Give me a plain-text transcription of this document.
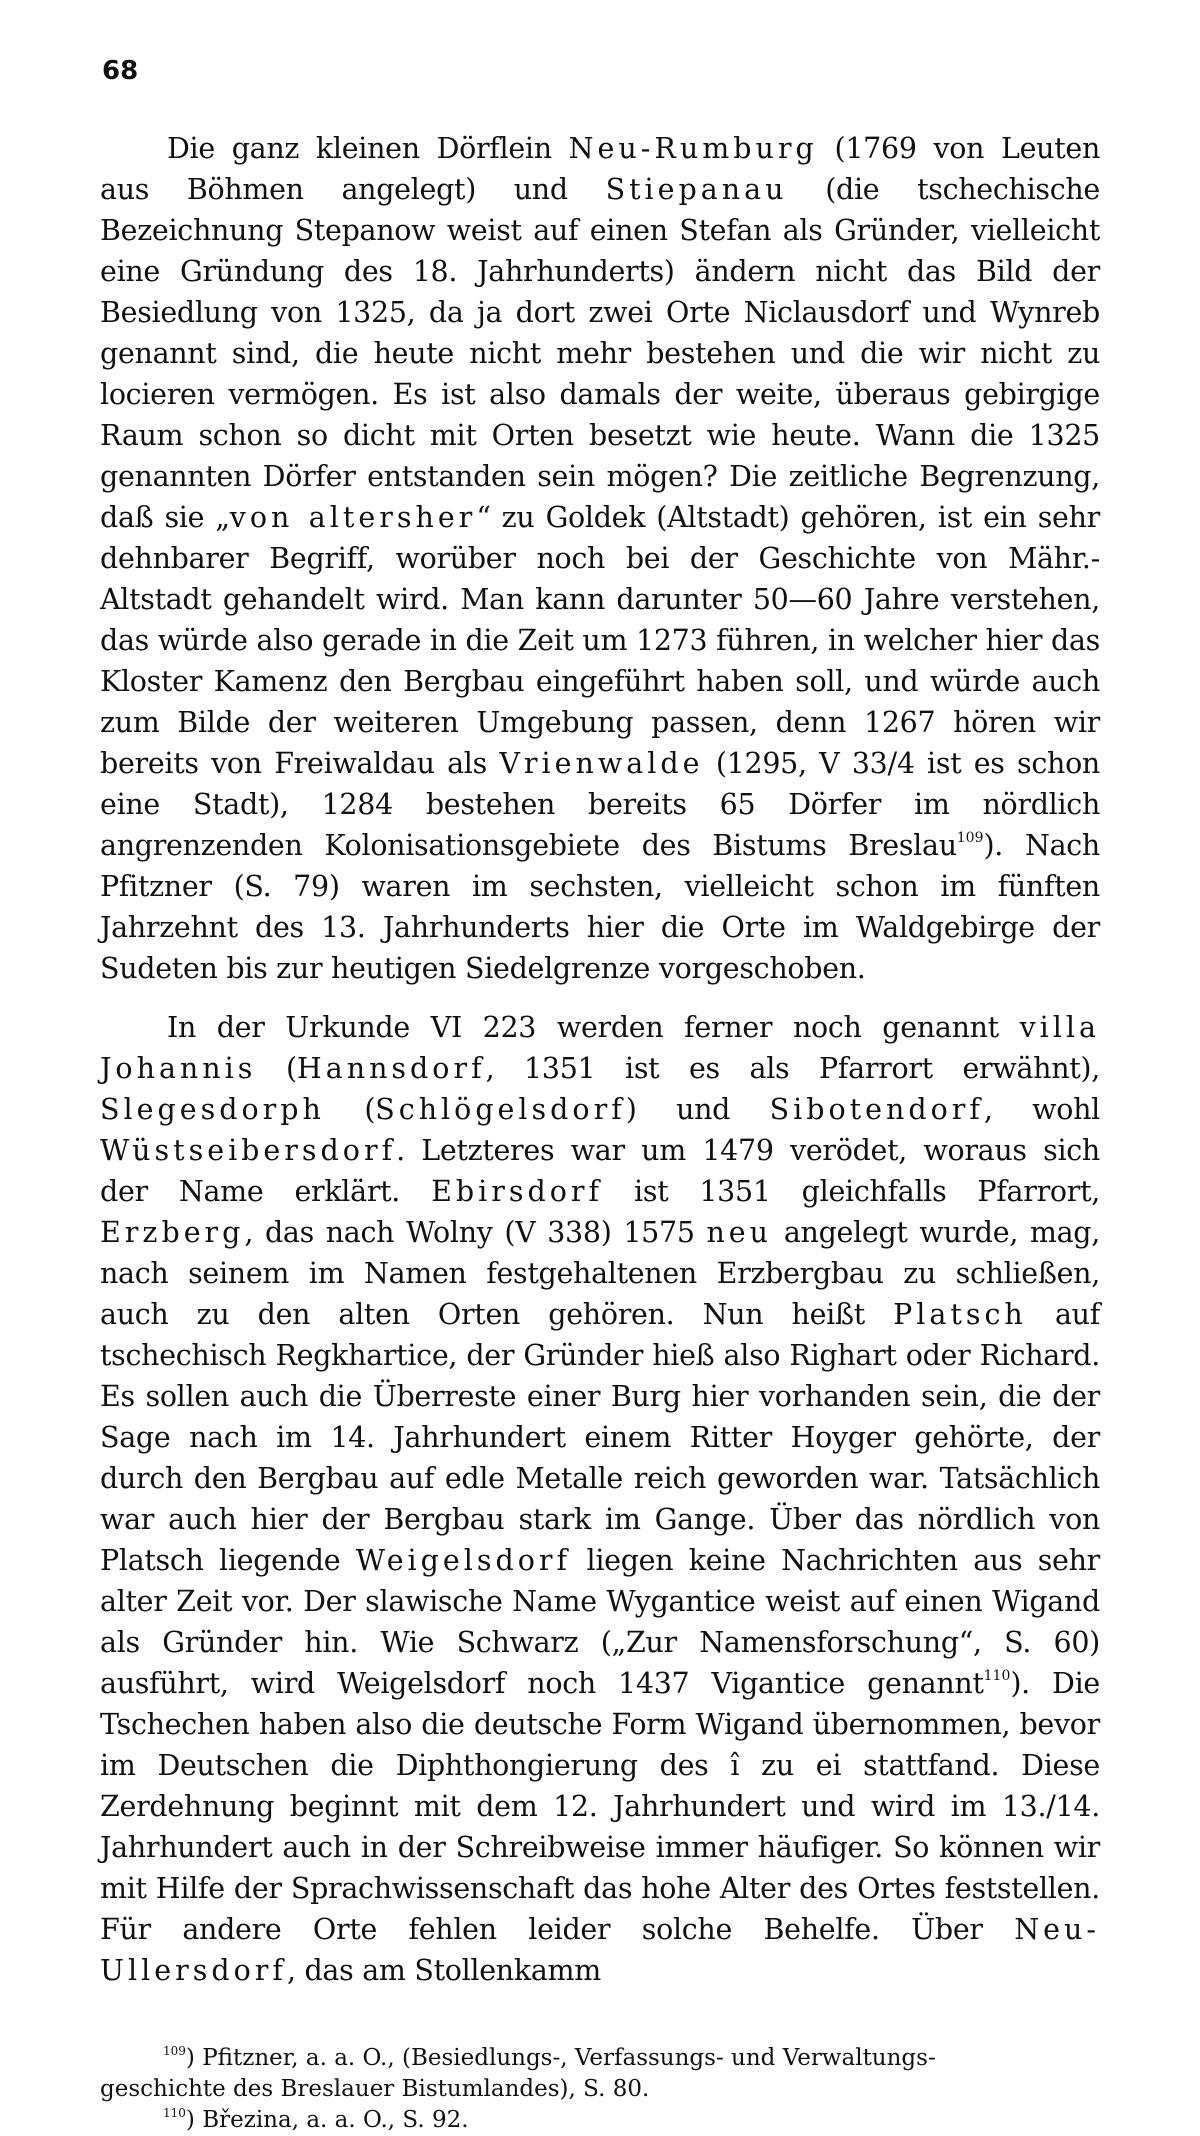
68

Die ganz kleinen Dörflein Neu-Rumburg (1769 von Leuten aus Böhmen angelegt) und Stiepanau (die tschechische Bezeichnung Stepanow weist auf einen Stefan als Gründer, vielleicht eine Gründung des 18. Jahrhunderts) ändern nicht das Bild der Besiedlung von 1325, da ja dort zwei Orte Niclausdorf und Wynreb genannt sind, die heute nicht mehr bestehen und die wir nicht zu locieren vermögen. Es ist also damals der weite, überaus gebirgige Raum schon so dicht mit Orten besetzt wie heute. Wann die 1325 genannten Dörfer entstanden sein mögen? Die zeitliche Begrenzung, daß sie „von altersher“ zu Goldek (Altstadt) gehören, ist ein sehr dehnbarer Begriff, worüber noch bei der Geschichte von Mähr.-Altstadt gehandelt wird. Man kann darunter 50—60 Jahre verstehen, das würde also gerade in die Zeit um 1273 führen, in welcher hier das Kloster Kamenz den Bergbau eingeführt haben soll, und würde auch zum Bilde der weiteren Umgebung passen, denn 1267 hören wir bereits von Freiwaldau als Vrienwalde (1295, V 33/4 ist es schon eine Stadt), 1284 bestehen bereits 65 Dörfer im nördlich angrenzenden Kolonisationsgebiete des Bistums Breslau$^{109}$). Nach Pfitzner (S. 79) waren im sechsten, vielleicht schon im fünften Jahrzehnt des 13. Jahrhunderts hier die Orte im Waldgebirge der Sudeten bis zur heutigen Siedelgrenze vorgeschoben.

In der Urkunde VI 223 werden ferner noch genannt villa Johannis (Hannsdorf, 1351 ist es als Pfarrort erwähnt), Slegesdorph (Schlögelsdorf) und Sibotendorf, wohl Wüstseibersdorf. Letzteres war um 1479 verödet, woraus sich der Name erklärt. Ebirsdorf ist 1351 gleichfalls Pfarrort, Erzberg, das nach Wolny (V 338) 1575 neu angelegt wurde, mag, nach seinem im Namen festgehaltenen Erzbergbau zu schließen, auch zu den alten Orten gehören. Nun heißt Platsch auf tschechisch Regkhartice, der Gründer hieß also Righart oder Richard. Es sollen auch die Überreste einer Burg hier vorhanden sein, die der Sage nach im 14. Jahrhundert einem Ritter Hoyger gehörte, der durch den Bergbau auf edle Metalle reich geworden war. Tatsächlich war auch hier der Bergbau stark im Gange. Über das nördlich von Platsch liegende Weigelsdorf liegen keine Nachrichten aus sehr alter Zeit vor. Der slawische Name Wygantice weist auf einen Wigand als Gründer hin. Wie Schwarz („Zur Namensforschung“, S. 60) ausführt, wird Weigelsdorf noch 1437 Vigantice genannt$^{110}$). Die Tschechen haben also die deutsche Form Wigand übernommen, bevor im Deutschen die Diphthongierung des î zu ei stattfand. Diese Zerdehnung beginnt mit dem 12. Jahrhundert und wird im 13./14. Jahrhundert auch in der Schreibweise immer häufiger. So können wir mit Hilfe der Sprachwissenschaft das hohe Alter des Ortes feststellen. Für andere Orte fehlen leider solche Behelfe. Über Neu-Ullersdorf, das am Stollenkamm

$^{109}$) Pfitzner, a. a. O., (Besiedlungs-, Verfassungs- und Verwaltungs-

geschichte des Breslauer Bistumlandes), S. 80.

$^{110}$) Březina, a. a. O., S. 92.
